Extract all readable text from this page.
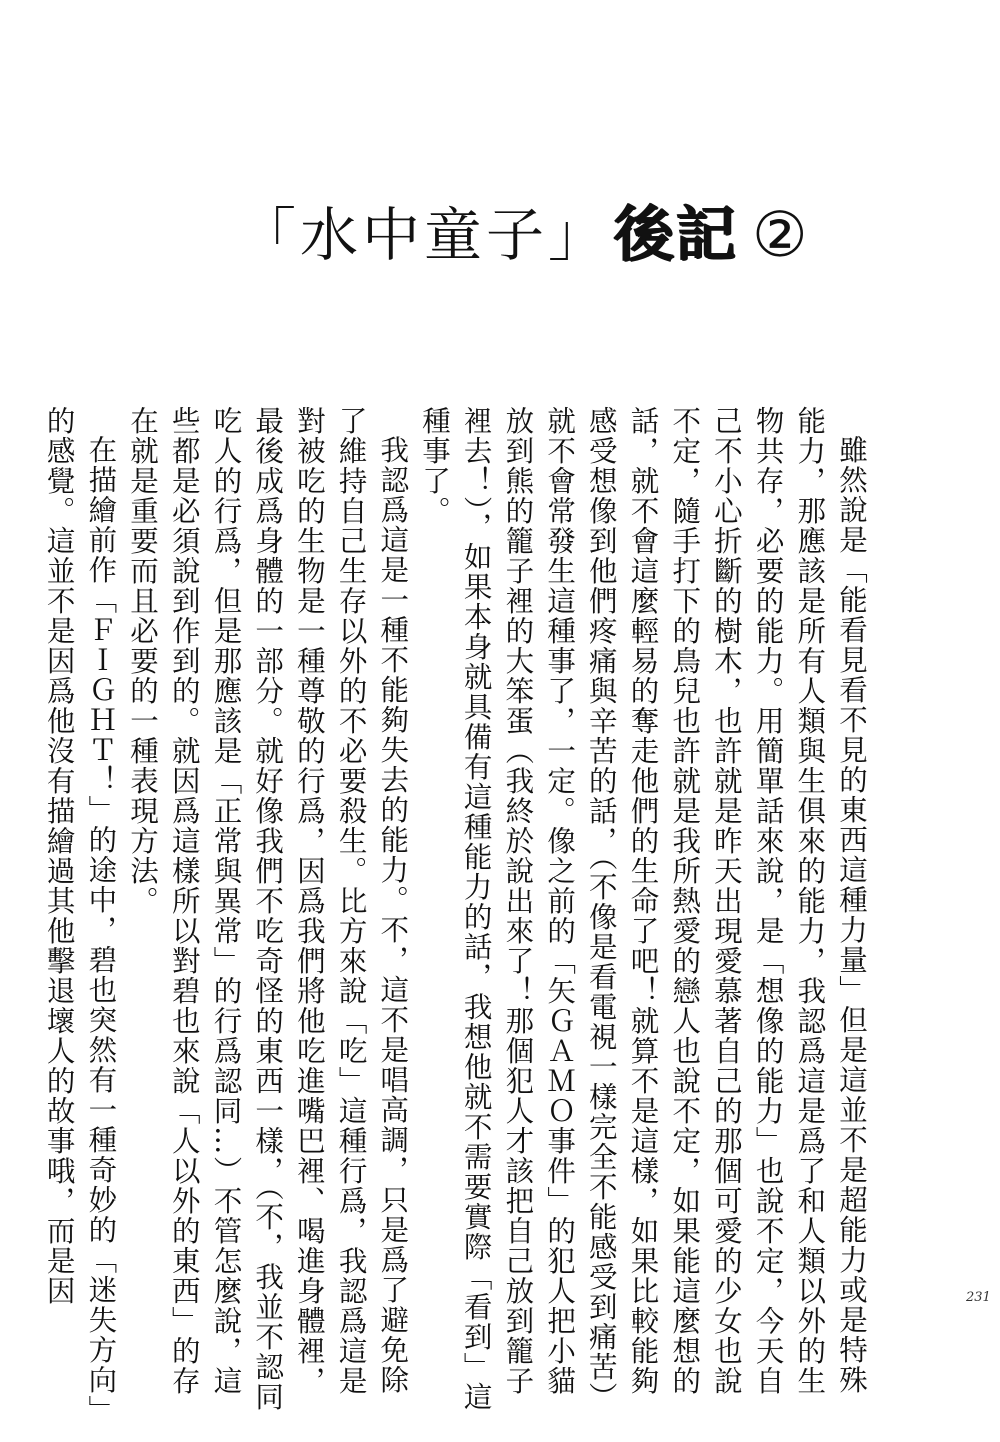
「水中童子」 後記 ②

雖然說是「能看見看不見的東西這種力量」但是這並不是超能力或是特殊能力，那應該是所有人類與生俱來的能力，我認爲這是爲了和人類以外的生物共存，必要的能力。用簡單話來說，是「想像的能力」也說不定，今天自己不小心折斷的樹木，也許就是昨天出現愛慕著自己的那個可愛的少女也說不定，隨手打下的鳥兒也許就是我所熱愛的戀人也說不定，如果能這麼想的話，就不會這麼輕易的奪走他們的生命了吧！就算不是這樣，如果比較能夠感受想像到他們疼痛與辛苦的話，（不像是看電視一樣完全不能感受到痛苦）就不會常發生這種事了，一定。像之前的「矢ＧＡＭＯ事件」的犯人把小貓放到熊的籠子裡的大笨蛋（我終於說出來了！那個犯人才該把自己放到籠子裡去！），如果本身就具備有這種能力的話，我想他就不需要實際「看到」這種事了。

我認爲這是一種不能夠失去的能力。不，這不是唱高調，只是爲了避免除了維持自己生存以外的不必要殺生。比方來說「吃」這種行爲，我認爲這是對被吃的生物是一種尊敬的行爲，因爲我們將他吃進嘴巴裡、喝進身體裡，最後成爲身體的一部分。就好像我們不吃奇怪的東西一樣，（不，我並不認同吃人的行爲，但是那應該是「正常與異常」的行爲認同…）不管怎麼說，這些都是必須說到作到的。就因爲這樣所以對碧也來說「人以外的東西」的存在就是重要而且必要的一種表現方法。

在描繪前作「ＦＩＧＨＴ！」的途中，碧也突然有一種奇妙的「迷失方向」的感覺。這並不是因爲他沒有描繪過其他擊退壞人的故事哦，而是因	231
